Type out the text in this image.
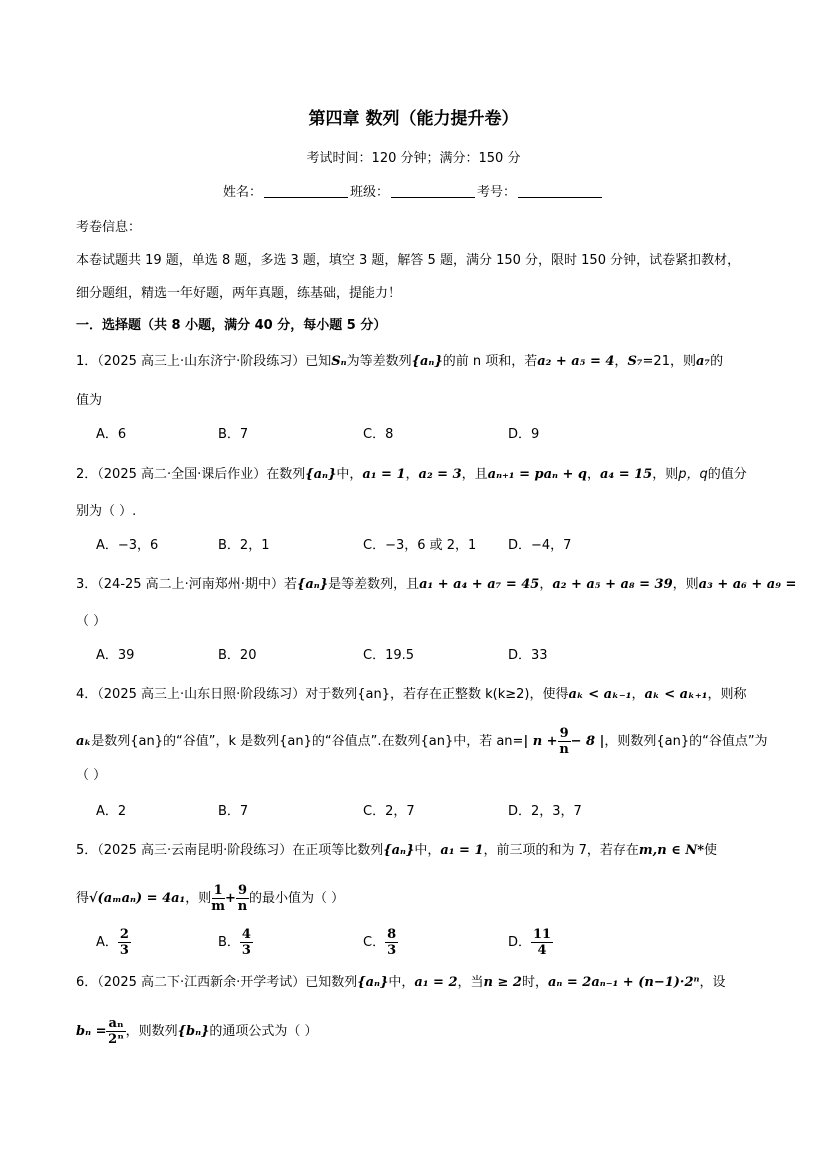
第四章 数列（能力提升卷）
考试时间：120 分钟；满分：150 分
姓名：	班级：	考号：
考卷信息：
本卷试题共 19 题，单选 8 题，多选 3 题，填空 3 题，解答 5 题，满分 150 分，限时 150 分钟，试卷紧扣教材，
细分题组，精选一年好题，两年真题，练基础，提能力！
一．选择题（共 8 小题，满分 40 分，每小题 5 分）
1．（2025 高三上·山东济宁·阶段练习）已知Sₙ为等差数列{aₙ}的前 n 项和，若a₂ + a₅ = 4，S₇=21，则a₇的
值为
A．6	B．7	C．8	D．9
2．（2025 高二·全国·课后作业）在数列{aₙ}中，a₁ = 1，a₂ = 3，且aₙ₊₁ = paₙ + q，a₄ = 15，则p，q的值分
别为（ ）.
A．−3，6	B．2，1	C．−3，6 或 2，1 D．−4，7
3．（24-25 高二上·河南郑州·期中）若{aₙ}是等差数列，且a₁ + a₄ + a₇ = 45，a₂ + a₅ + a₈ = 39，则a₃ + a₆ + a₉ =
（ ）
A．39	B．20	C．19.5	D．33
4．（2025 高三上·山东日照·阶段练习）对于数列{an}，若存在正整数 k(k≥2)，使得aₖ < aₖ₋₁，aₖ < aₖ₊₁，则称
aₖ是数列{an}的“谷值”，k 是数列{an}的“谷值点”.在数列{an}中，若 an=| $n + \frac{9}{n} - 8$ |，则数列{an}的“谷值点”为
（ ）
A．2	B．7	C．2，7	D．2，3，7
5．（2025 高三·云南昆明·阶段练习）在正项等比数列{aₙ}中，a₁ = 1，前三项的和为 7，若存在m,n ∈ N*使
得√(aₘaₙ) = 4a₁，则 $\frac{1}{m} + \frac{9}{n}$ 的最小值为（ ）
A． $\frac{2}{3}$	B． $\frac{4}{3}$	C． $\frac{8}{3}$	D． $\frac{11}{4}$
6．（2025 高二下·江西新余·开学考试）已知数列{aₙ}中，a₁ = 2，当n ≥ 2时，aₙ = 2aₙ₋₁ + (n−1)·2ⁿ，设
$b_n = \frac{\text{aₙ}}{\text{2ⁿ}}$ ，则数列{bₙ}的通项公式为（ ）
